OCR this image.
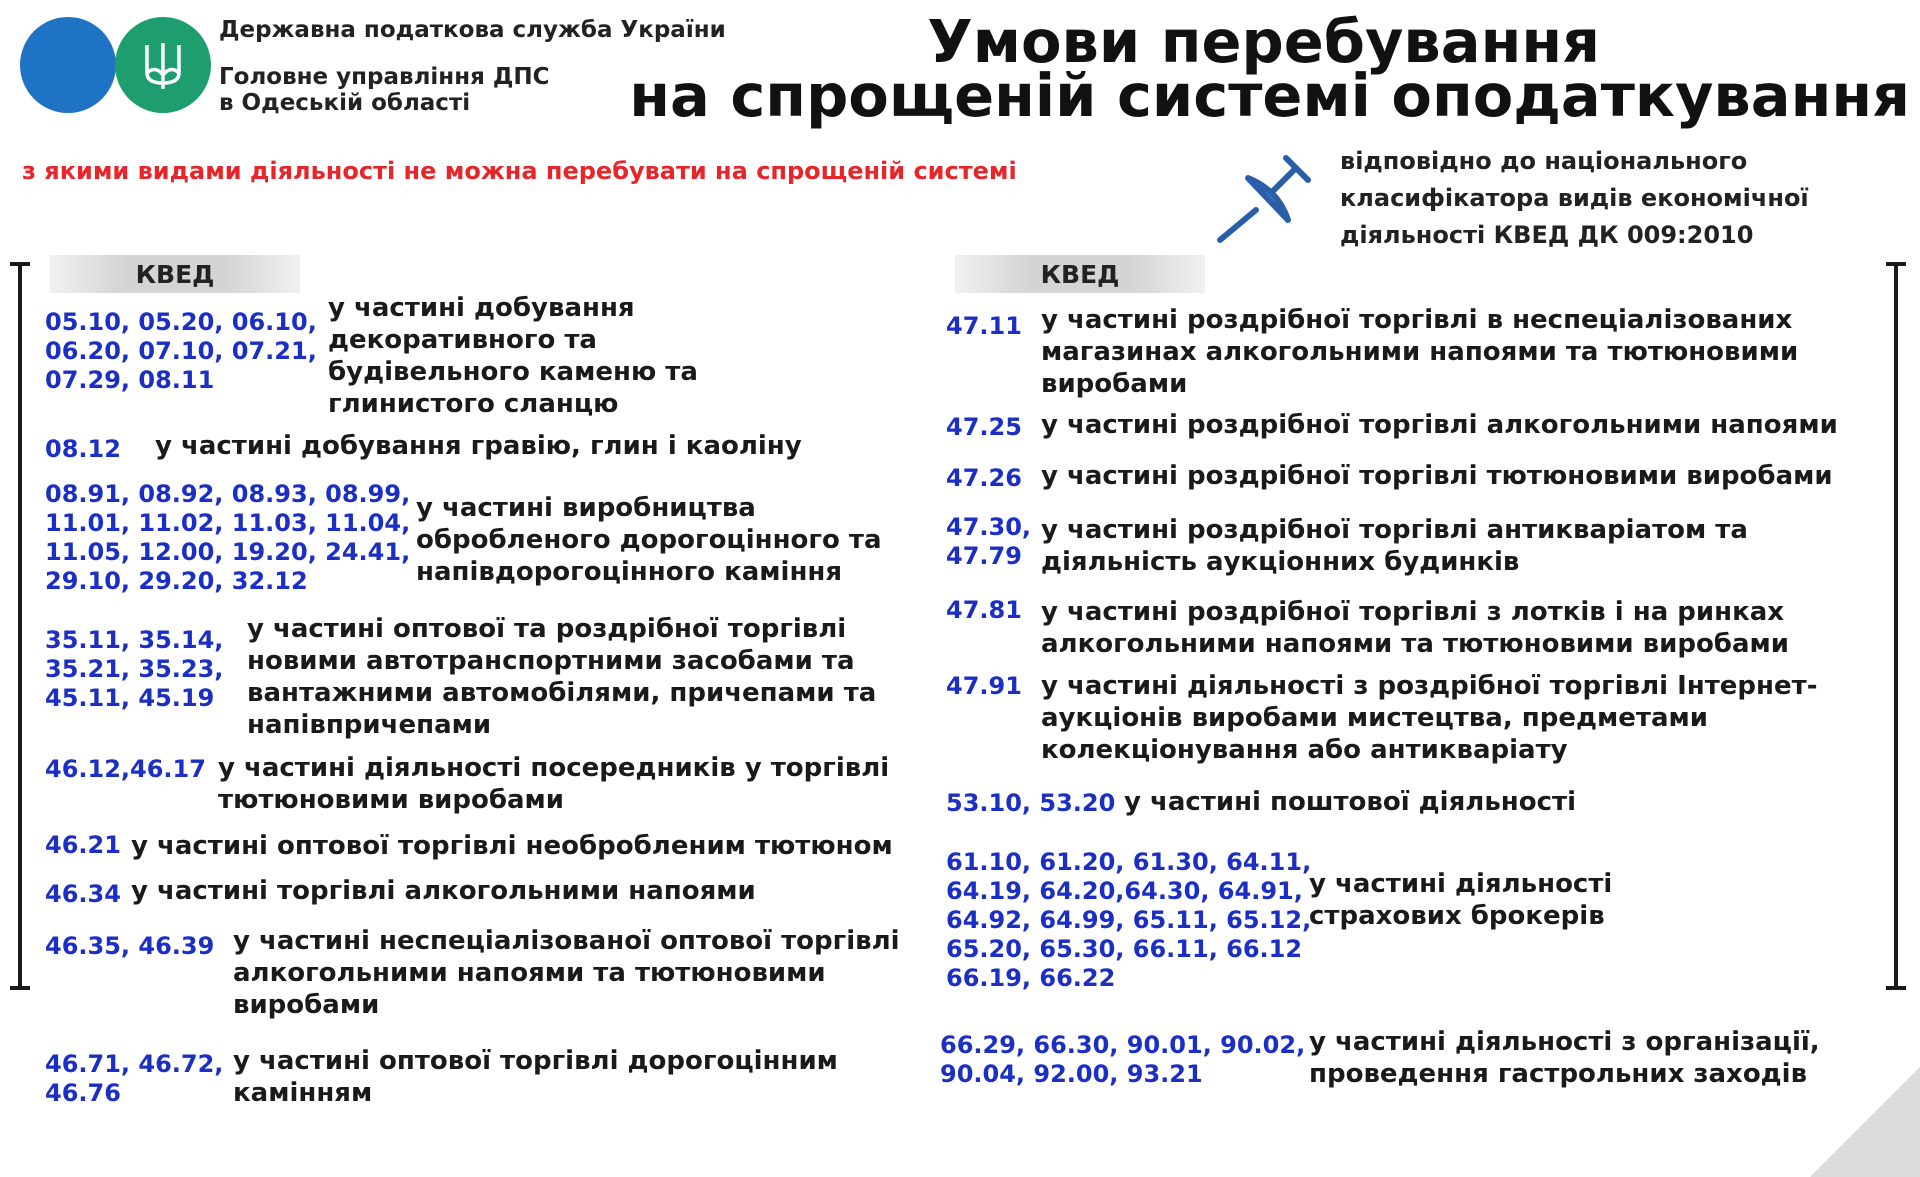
Державна податкова служба України
Головне управління ДПС
в Одеській області
Умови перебування
на спрощеній системі оподаткування
з якими видами діяльності не можна перебувати на спрощеній системі	відповідно до національного
класифікатора видів економічної
діяльності КВЕД ДК 009:2010
КВЕД	КВЕД
05.10, 05.20, 06.10,
06.20, 07.10, 07.21,
07.29, 08.11
у частині добування
декоративного та
будівельного каменю та
глинистого сланцю
08.12 у частині добування гравію, глин і каоліну
08.91, 08.92, 08.93, 08.99,
11.01, 11.02, 11.03, 11.04,
11.05, 12.00, 19.20, 24.41,
29.10, 29.20, 32.12
у частині виробництва
обробленого дорогоцінного та
напівдорогоцінного каміння
35.11, 35.14,
35.21, 35.23,
45.11, 45.19
у частині оптової та роздрібної торгівлі
новими автотранспортними засобами та
вантажними автомобілями, причепами та
напівпричепами
46.12,46.17 у частині діяльності посередників у торгівлі
тютюновими виробами
46.21 у частині оптової торгівлі необробленим тютюном
46.34 у частині торгівлі алкогольними напоями
46.35, 46.39 у частині неспеціалізованої оптової торгівлі
алкогольними напоями та тютюновими
виробами
46.71, 46.72,
46.76
у частині оптової торгівлі дорогоцінним
камінням
47.11 у частині роздрібної торгівлі в неспеціалізованих
магазинах алкогольними напоями та тютюновими
виробами
47.25 у частині роздрібної торгівлі алкогольними напоями
47.26 у частині роздрібної торгівлі тютюновими виробами
47.30,
47.79
у частині роздрібної торгівлі антикваріатом та
діяльність аукціонних будинків
47.81 у частині роздрібної торгівлі з лотків і на ринках
алкогольними напоями та тютюновими виробами
47.91 у частині діяльності з роздрібної торгівлі Інтернет-
аукціонів виробами мистецтва, предметами
колекціонування або антикваріату
53.10, 53.20 у частині поштової діяльності
61.10, 61.20, 61.30, 64.11,
64.19, 64.20,64.30, 64.91,
64.92, 64.99, 65.11, 65.12,
65.20, 65.30, 66.11, 66.12
66.19, 66.22
у частині діяльності
страхових брокерів
66.29, 66.30, 90.01, 90.02,
90.04, 92.00, 93.21
у частині діяльності з організації,
проведення гастрольних заходів
